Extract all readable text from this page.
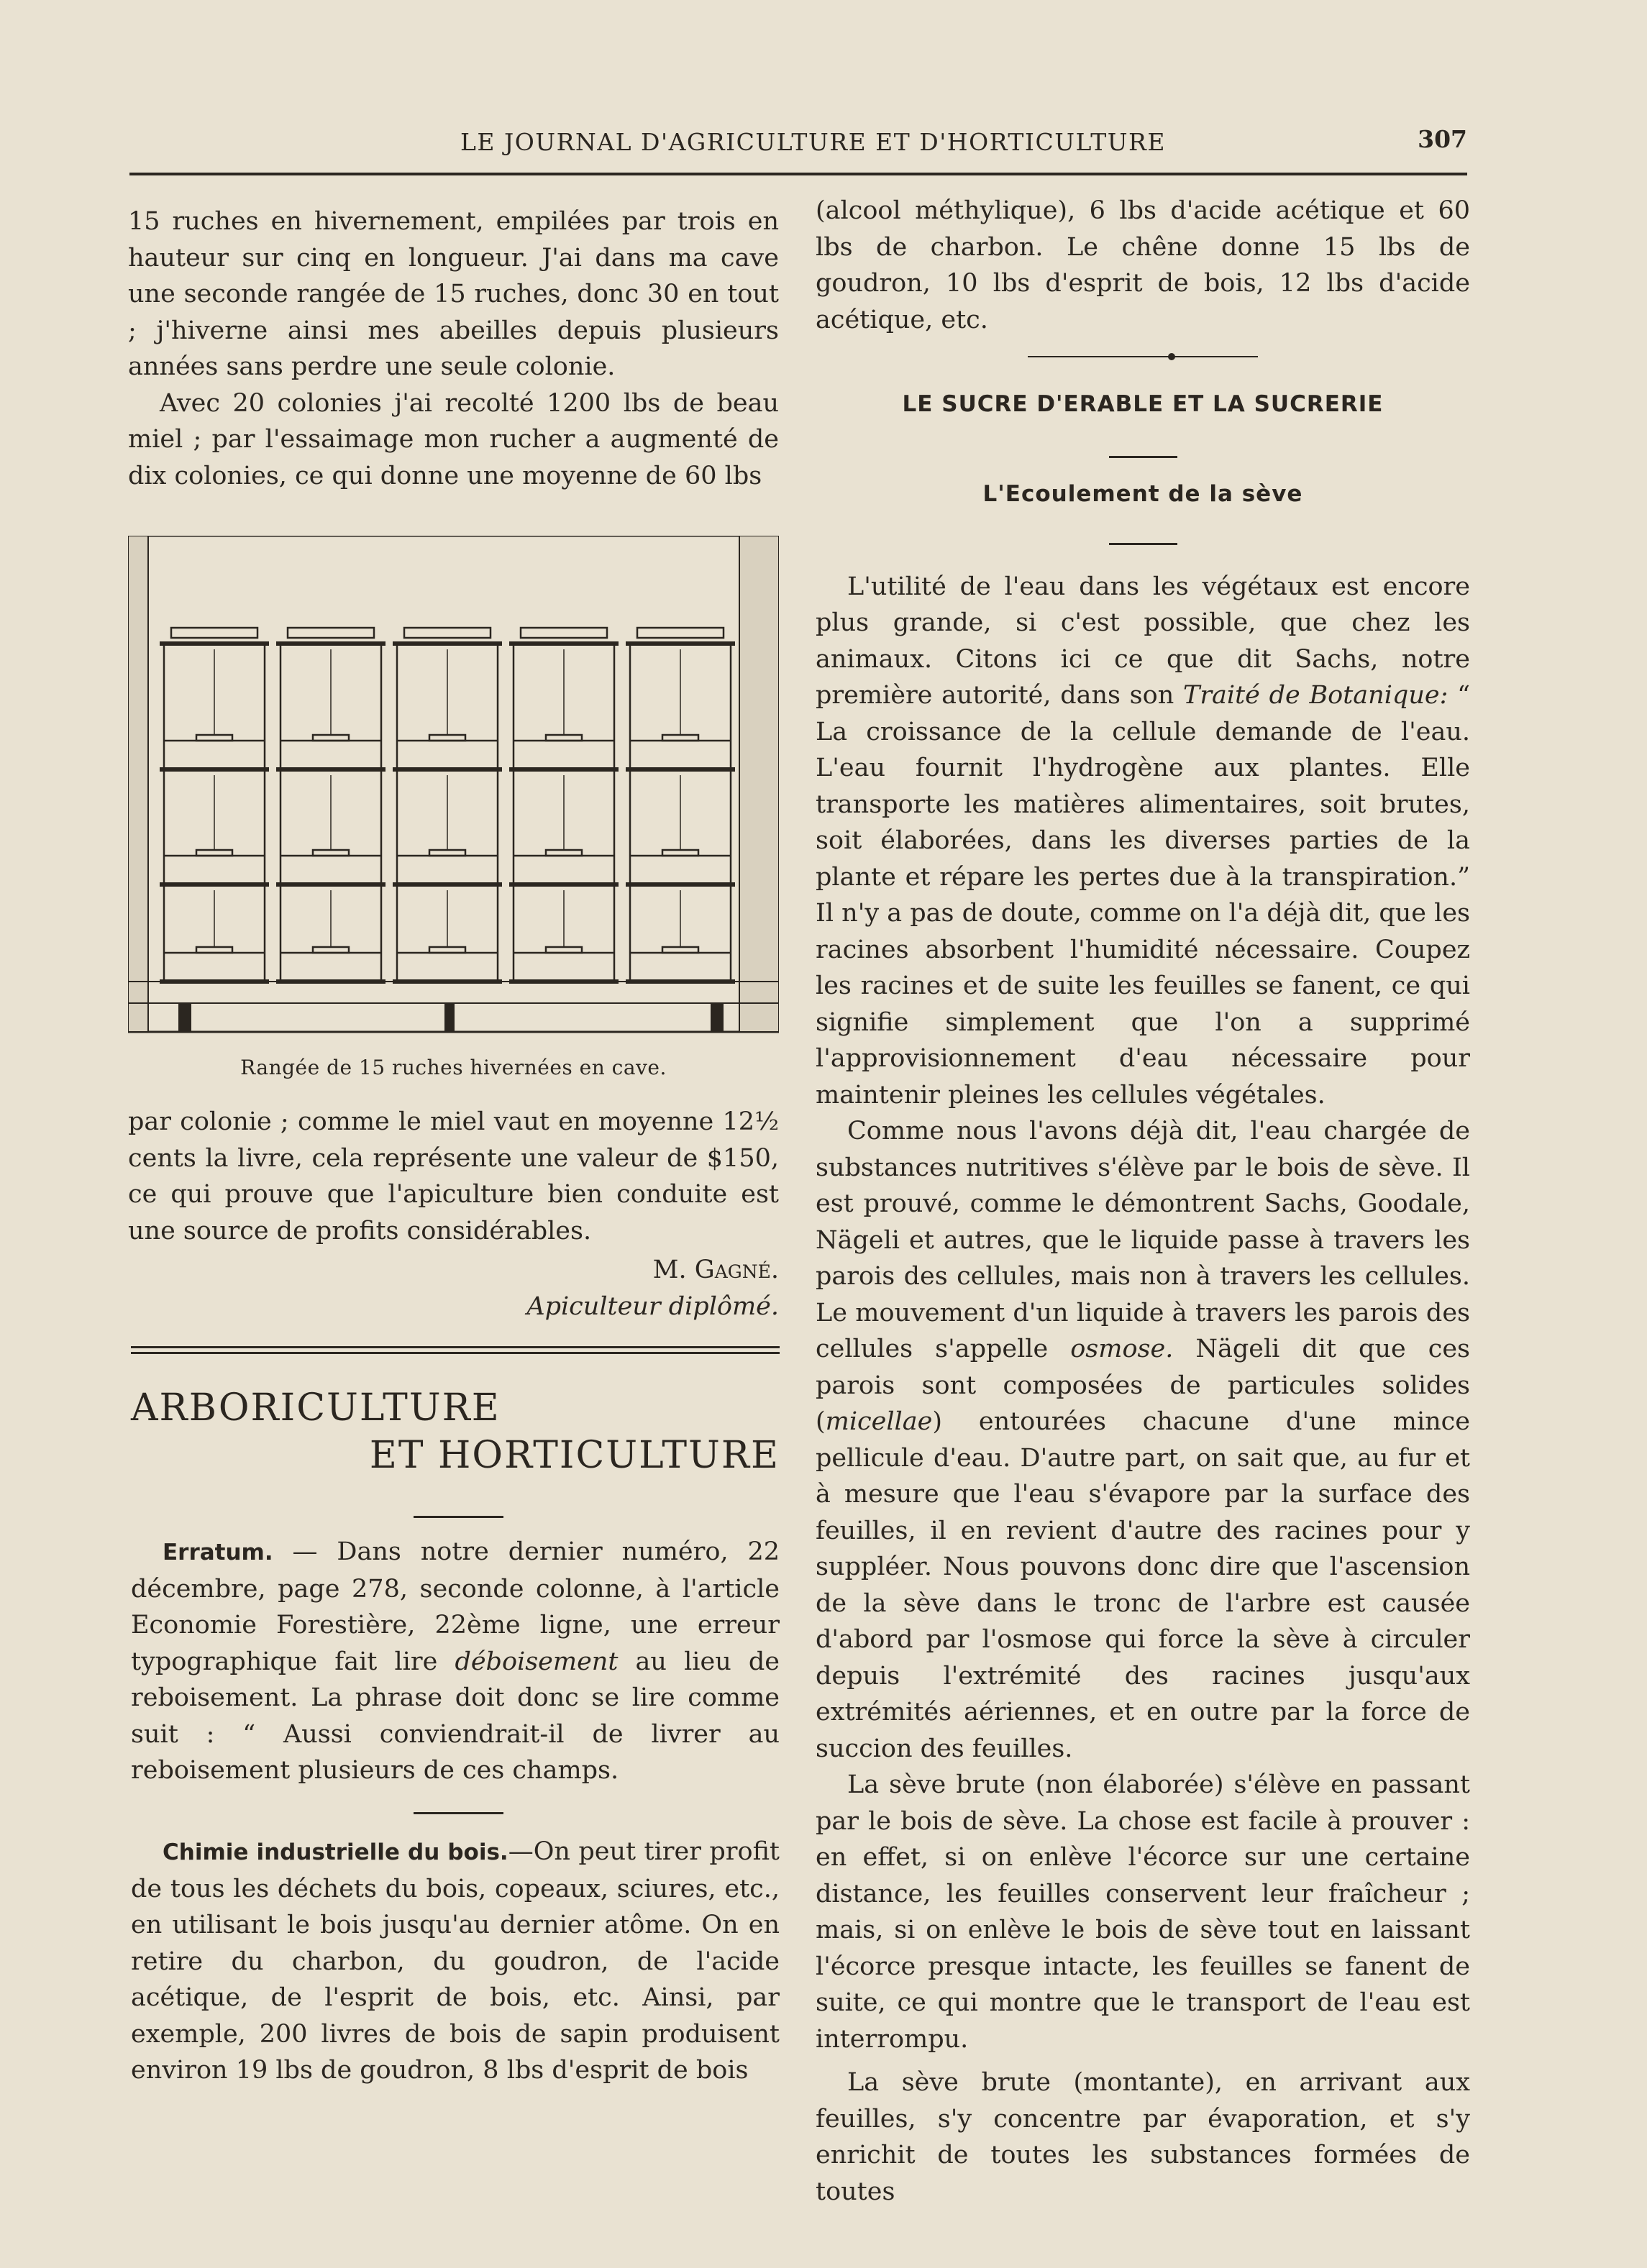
LE JOURNAL D'AGRICULTURE ET D'HORTICULTURE	307

15 ruches en hivernement, empilées par trois en hauteur sur cinq en longueur. J'ai dans ma cave une seconde rangée de 15 ruches, donc 30 en tout ; j'hiverne ainsi mes abeilles depuis plusieurs années sans perdre une seule colonie.

Avec 20 colonies j'ai recolté 1200 lbs de beau miel ; par l'essaimage mon rucher a augmenté de dix colonies, ce qui donne une moyenne de 60 lbs

Rangée de 15 ruches hivernées en cave.

par colonie ; comme le miel vaut en moyenne 12½ cents la livre, cela représente une valeur de $150, ce qui prouve que l'apiculture bien conduite est une source de profits considérables.

M. Gagné.

Apiculteur diplômé.

ARBORICULTURE
ET HORTICULTURE

Erratum. — Dans notre dernier numéro, 22 décembre, page 278, seconde colonne, à l'article Economie Forestière, 22ème ligne, une erreur typographique fait lire déboisement au lieu de reboisement. La phrase doit donc se lire comme suit : “ Aussi conviendrait-il de livrer au reboisement plusieurs de ces champs.

Chimie industrielle du bois.—On peut tirer profit de tous les déchets du bois, copeaux, sciures, etc., en utilisant le bois jusqu'au dernier atôme. On en retire du charbon, du goudron, de l'acide acétique, de l'esprit de bois, etc. Ainsi, par exemple, 200 livres de bois de sapin produisent environ 19 lbs de goudron, 8 lbs d'esprit de bois

(alcool méthylique), 6 lbs d'acide acétique et 60 lbs de charbon. Le chêne donne 15 lbs de goudron, 10 lbs d'esprit de bois, 12 lbs d'acide acétique, etc.

LE SUCRE D'ERABLE ET LA SUCRERIE

L'Ecoulement de la sève

L'utilité de l'eau dans les végétaux est encore plus grande, si c'est possible, que chez les animaux. Citons ici ce que dit Sachs, notre première autorité, dans son Traité de Botanique: “ La croissance de la cellule demande de l'eau. L'eau fournit l'hydrogène aux plantes. Elle transporte les matières alimentaires, soit brutes, soit élaborées, dans les diverses parties de la plante et répare les pertes due à la transpiration.” Il n'y a pas de doute, comme on l'a déjà dit, que les racines absorbent l'humidité nécessaire. Coupez les racines et de suite les feuilles se fanent, ce qui signifie simplement que l'on a supprimé l'approvisionnement d'eau nécessaire pour maintenir pleines les cellules végétales.

Comme nous l'avons déjà dit, l'eau chargée de substances nutritives s'élève par le bois de sève. Il est prouvé, comme le démontrent Sachs, Goodale, Nägeli et autres, que le liquide passe à travers les parois des cellules, mais non à travers les cellules. Le mouvement d'un liquide à travers les parois des cellules s'appelle osmose. Nägeli dit que ces parois sont composées de particules solides (micellae) entourées chacune d'une mince pellicule d'eau. D'autre part, on sait que, au fur et à mesure que l'eau s'évapore par la surface des feuilles, il en revient d'autre des racines pour y suppléer. Nous pouvons donc dire que l'ascension de la sève dans le tronc de l'arbre est causée d'abord par l'osmose qui force la sève à circuler depuis l'extrémité des racines jusqu'aux extrémités aériennes, et en outre par la force de succion des feuilles.

La sève brute (non élaborée) s'élève en passant par le bois de sève. La chose est facile à prouver : en effet, si on enlève l'écorce sur une certaine distance, les feuilles conservent leur fraîcheur ; mais, si on enlève le bois de sève tout en laissant l'écorce presque intacte, les feuilles se fanent de suite, ce qui montre que le transport de l'eau est interrompu.

La sève brute (montante), en arrivant aux feuilles, s'y concentre par évaporation, et s'y enrichit de toutes les substances formées de toutes
